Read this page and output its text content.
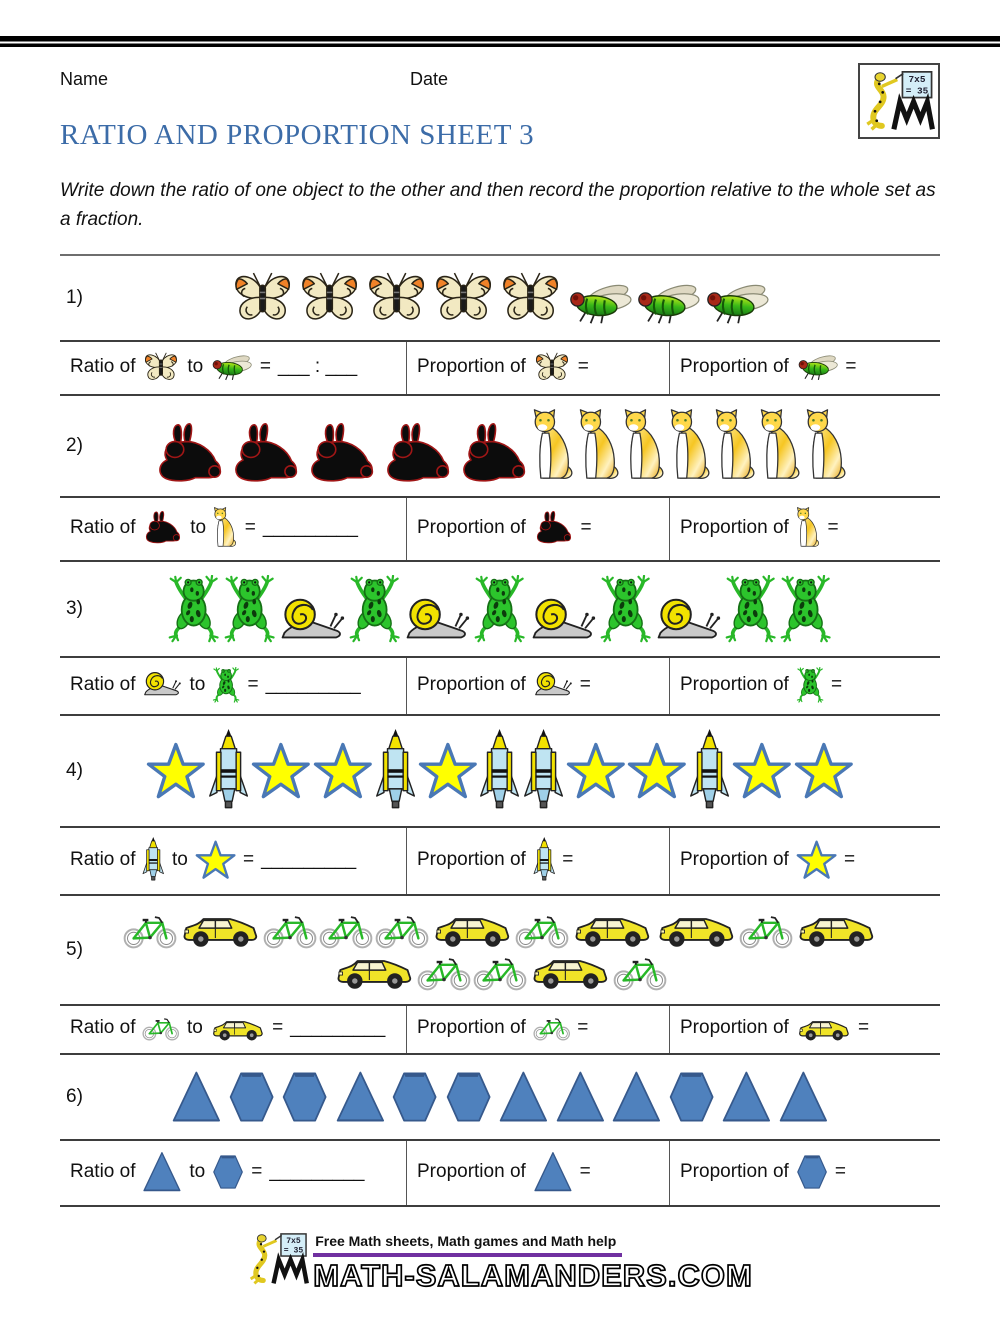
Name	Date	7x5
= 35
RATIO AND PROPORTION SHEET 3

Write down the ratio of one object to the other and then record the proportion relative to the whole set as a fraction.

1)
Ratio of	to	= ___ : ___	Proportion of	=	Proportion of	=
2)
Ratio of	to = _________	Proportion of	=	Proportion of =
3)
Ratio of	to = _________	Proportion of	=	Proportion of =
4)
Ratio of to	= _________	Proportion of =	Proportion of	=
5)
Ratio of	to	= _________ Proportion of	=	Proportion of	=
6)
Ratio of	to = _________	Proportion of	=	Proportion of =
7x5
= 35
Free Math sheets, Math games and Math help
MATH-SALAMANDERS.COM
